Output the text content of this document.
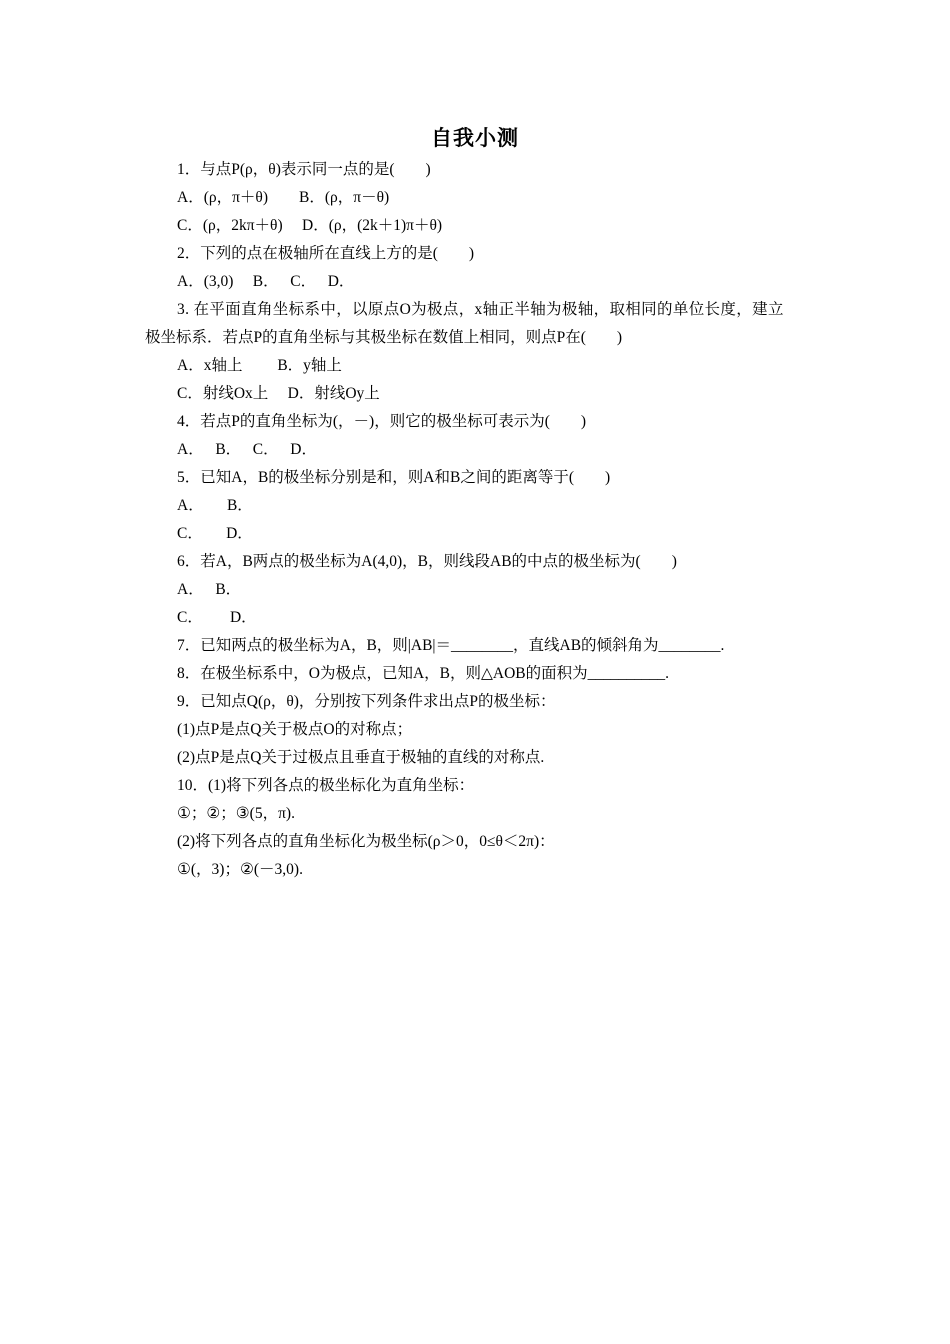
自我小测
1．与点P(ρ，θ)表示同一点的是(　　)
A．(ρ，π＋θ)　　B．(ρ，π－θ)
C．(ρ，2kπ＋θ)　 D．(ρ，(2k＋1)π＋θ)
2．下列的点在极轴所在直线上方的是(　　)
A．(3,0)　 B．　 C．　 D．
3. 在平面直角坐标系中，以原点O为极点，x轴正半轴为极轴，取相同的单位长度，建立
极坐标系．若点P的直角坐标与其极坐标在数值上相同，则点P在(　　)
A．x轴上　　 B．y轴上
C．射线Ox上　 D．射线Oy上
4．若点P的直角坐标为(，－)，则它的极坐标可表示为(　　)
A．　 B．　 C．　 D．
5．已知A，B的极坐标分别是和，则A和B之间的距离等于(　　)
A．　　B．
C．　　D．
6．若A，B两点的极坐标为A(4,0)，B，则线段AB的中点的极坐标为(　　)
A．　 B．
C．　　 D．
7．已知两点的极坐标为A，B，则|AB|＝________，直线AB的倾斜角为________.
8．在极坐标系中，O为极点，已知A，B，则△AOB的面积为__________.
9．已知点Q(ρ，θ)，分别按下列条件求出点P的极坐标：
(1)点P是点Q关于极点O的对称点；
(2)点P是点Q关于过极点且垂直于极轴的直线的对称点.
10．(1)将下列各点的极坐标化为直角坐标：
①；②；③(5，π).
(2)将下列各点的直角坐标化为极坐标(ρ＞0，0≤θ＜2π)：
①(，3)；②(－3,0).
